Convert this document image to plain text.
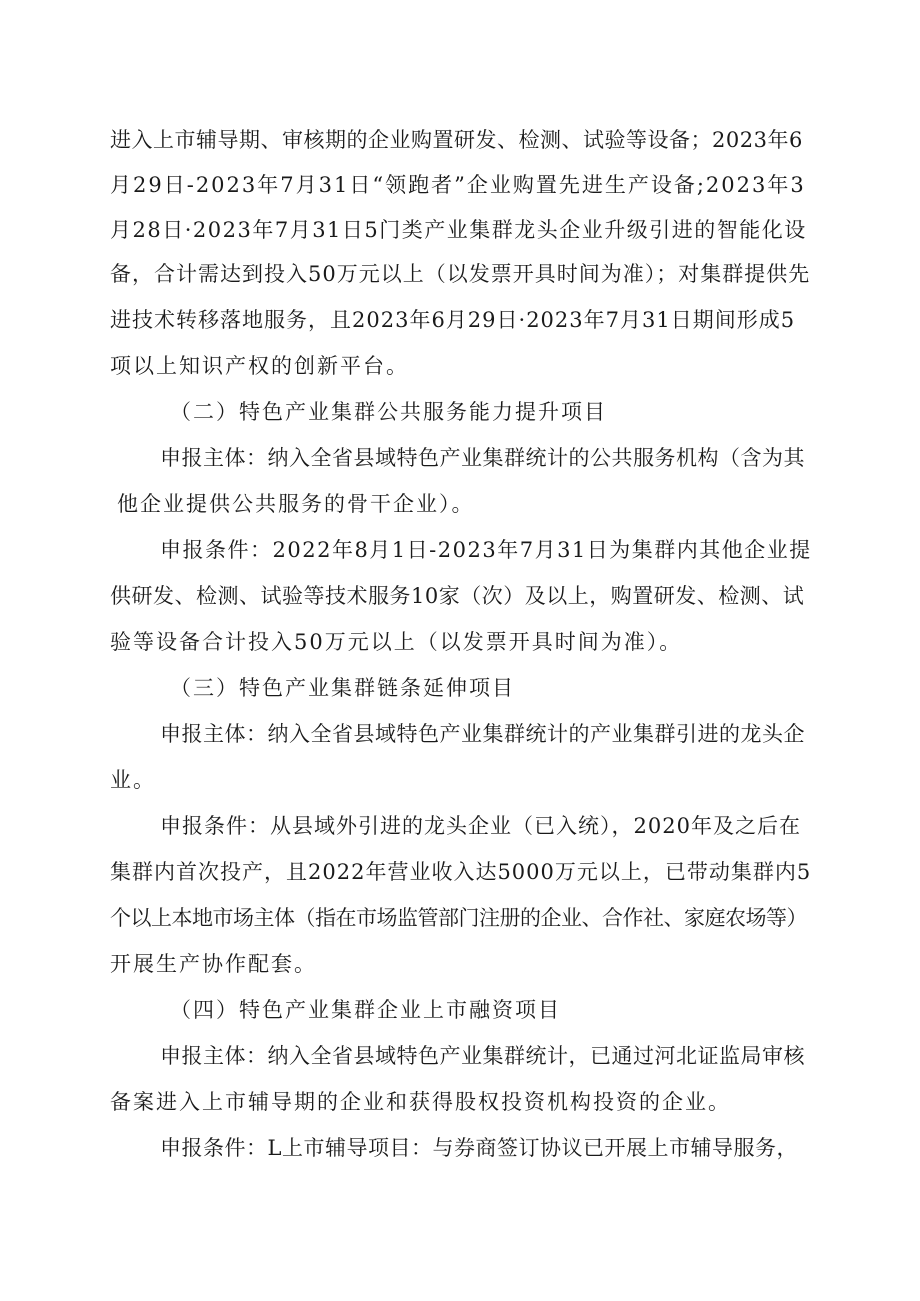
进入上市辅导期、审核期的企业购置研发、检测、试验等设备；2023年6
月29日-2023年7月31日“领跑者”企业购置先进生产设备;2023年3
月28日·2023年7月31日5门类产业集群龙头企业升级引进的智能化设
备，合计需达到投入50万元以上（以发票开具时间为准）；对集群提供先
进技术转移落地服务，且2023年6月29日·2023年7月31日期间形成5
项以上知识产权的创新平台。
（二）特色产业集群公共服务能力提升项目
申报主体：纳入全省县域特色产业集群统计的公共服务机构（含为其
他企业提供公共服务的骨干企业）。
申报条件：2022年8月1日-2023年7月31日为集群内其他企业提
供研发、检测、试验等技术服务10家（次）及以上，购置研发、检测、试
验等设备合计投入50万元以上（以发票开具时间为准）。
（三）特色产业集群链条延伸项目
申报主体：纳入全省县域特色产业集群统计的产业集群引进的龙头企
业。
申报条件：从县域外引进的龙头企业（已入统），2020年及之后在
集群内首次投产，且2022年营业收入达5000万元以上，已带动集群内5
个以上本地市场主体（指在市场监管部门注册的企业、合作社、家庭农场等）
开展生产协作配套。
（四）特色产业集群企业上市融资项目
申报主体：纳入全省县域特色产业集群统计，已通过河北证监局审核
备案进入上市辅导期的企业和获得股权投资机构投资的企业。
申报条件：L上市辅导项目：与券商签订协议已开展上市辅导服务，
